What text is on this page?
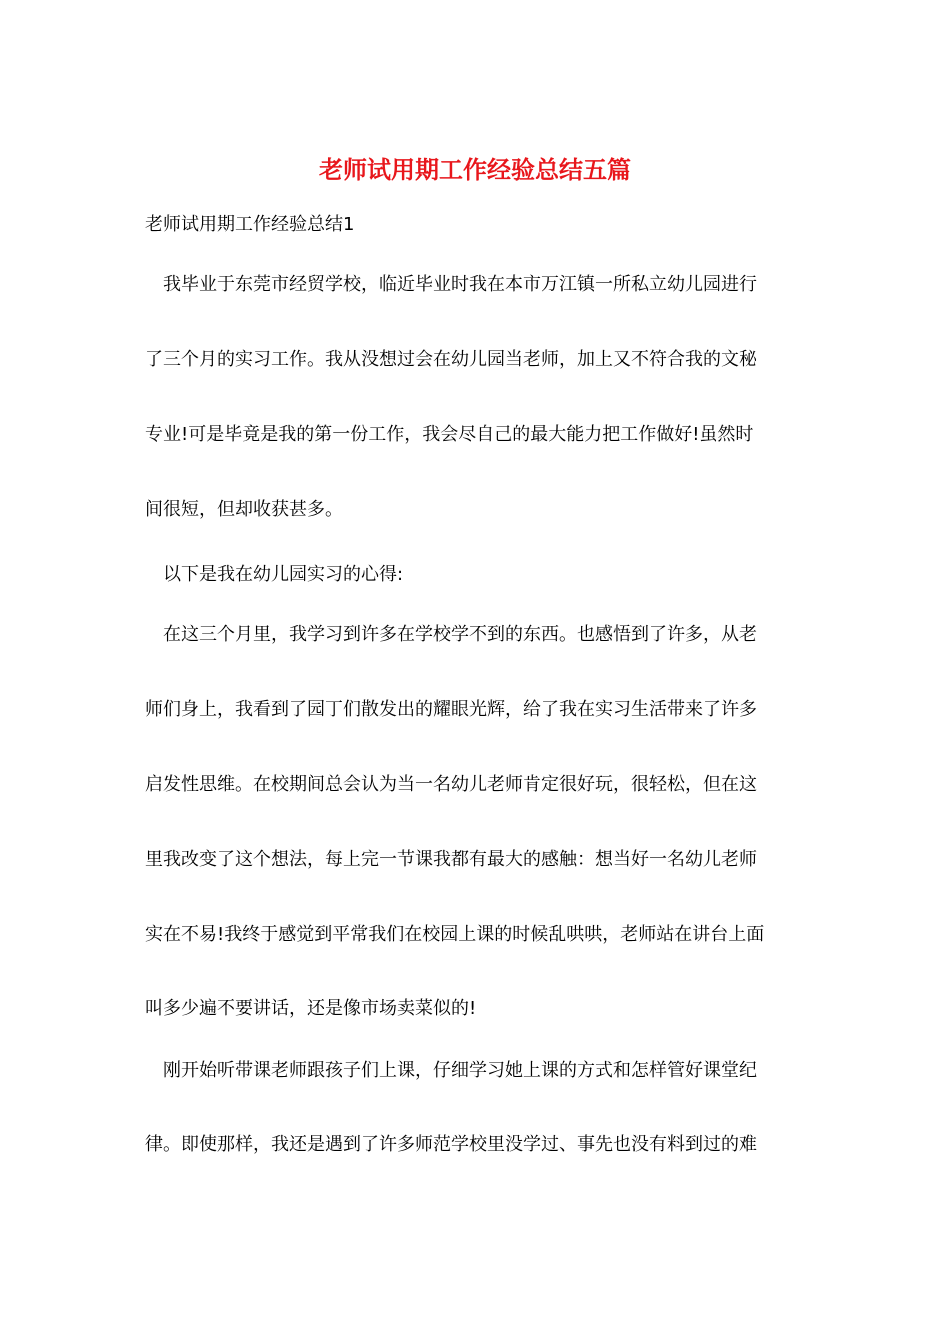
老师试用期工作经验总结五篇

老师试用期工作经验总结1

我毕业于东莞市经贸学校，临近毕业时我在本市万江镇一所私立幼儿园进行

了三个月的实习工作。我从没想过会在幼儿园当老师，加上又不符合我的文秘

专业!可是毕竟是我的第一份工作，我会尽自己的最大能力把工作做好!虽然时

间很短，但却收获甚多。

以下是我在幼儿园实习的心得:

在这三个月里，我学习到许多在学校学不到的东西。也感悟到了许多，从老

师们身上，我看到了园丁们散发出的耀眼光辉，给了我在实习生活带来了许多

启发性思维。在校期间总会认为当一名幼儿老师肯定很好玩，很轻松，但在这

里我改变了这个想法，每上完一节课我都有最大的感触：想当好一名幼儿老师

实在不易!我终于感觉到平常我们在校园上课的时候乱哄哄，老师站在讲台上面

叫多少遍不要讲话，还是像市场卖菜似的!

刚开始听带课老师跟孩子们上课，仔细学习她上课的方式和怎样管好课堂纪

律。即使那样，我还是遇到了许多师范学校里没学过、事先也没有料到过的难
